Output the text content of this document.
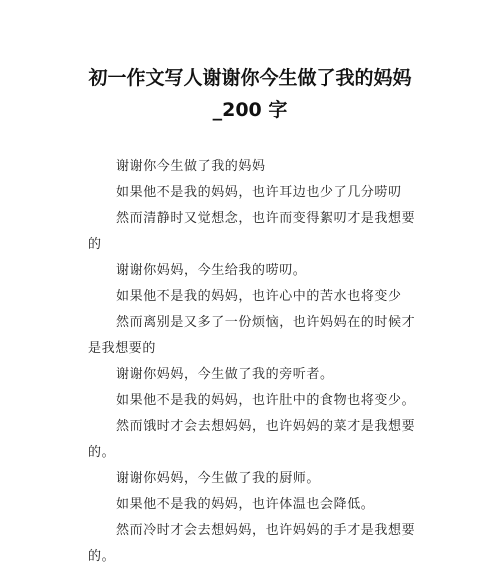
初一作文写人谢谢你今生做了我的妈妈
_200 字

谢谢你今生做了我的妈妈

如果他不是我的妈妈，也许耳边也少了几分唠叨

然而清静时又觉想念，也许而变得絮叨才是我想要的

谢谢你妈妈，今生给我的唠叨。

如果他不是我的妈妈，也许心中的苦水也将变少

然而离别是又多了一份烦恼，也许妈妈在的时候才是我想要的

谢谢你妈妈，今生做了我的旁听者。

如果他不是我的妈妈，也许肚中的食物也将变少。

然而饿时才会去想妈妈，也许妈妈的菜才是我想要的。

谢谢你妈妈，今生做了我的厨师。

如果他不是我的妈妈，也许体温也会降低。

然而冷时才会去想妈妈，也许妈妈的手才是我想要的。
